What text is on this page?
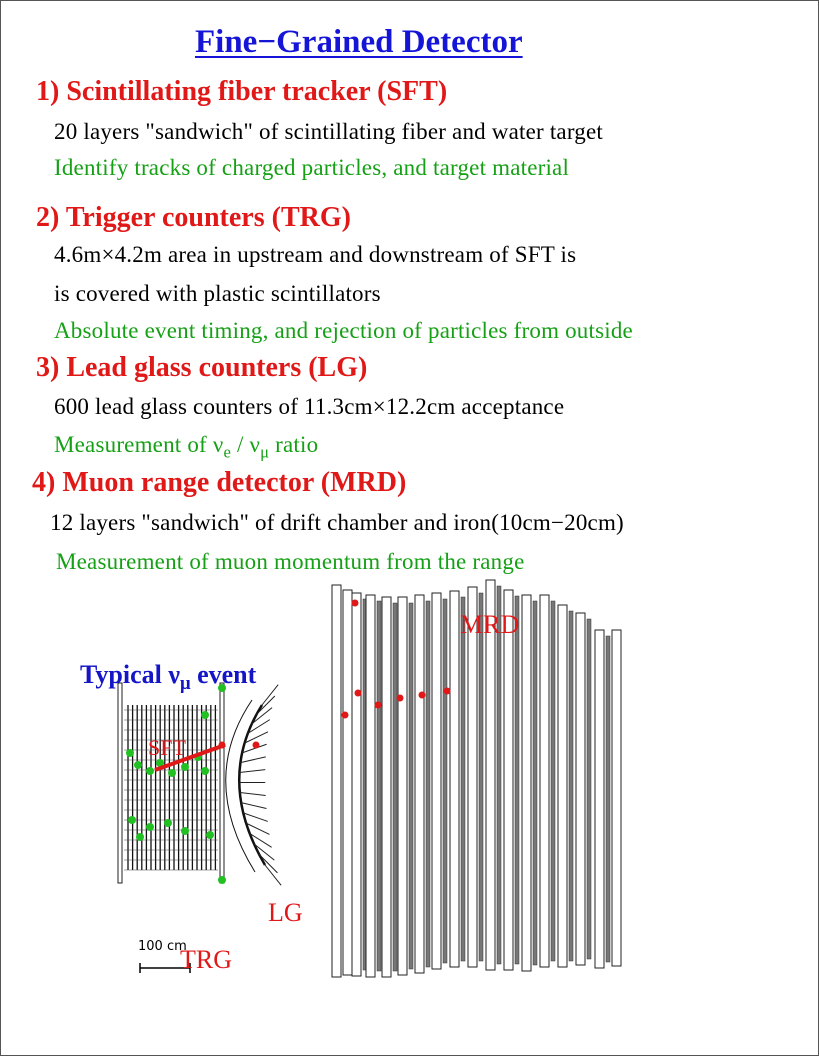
Fine−Grained Detector
1) Scintillating fiber tracker (SFT)
20 layers "sandwich" of scintillating fiber and water target
Identify tracks of charged particles, and target material
2) Trigger counters (TRG)
4.6m×4.2m area in upstream and downstream of SFT is
is covered with plastic scintillators
Absolute event timing, and rejection of particles from outside
3) Lead glass counters (LG)
600 lead glass counters of 11.3cm×12.2cm acceptance
Measurement of $\nu_e / \nu_\mu$ ratio
4) Muon range detector (MRD)
12 layers "sandwich" of drift chamber and iron(10cm−20cm)
Measurement of muon momentum from the range
Typical $\nu_\mu$ event
MRD
SFT
LG
TRG
100 cm
